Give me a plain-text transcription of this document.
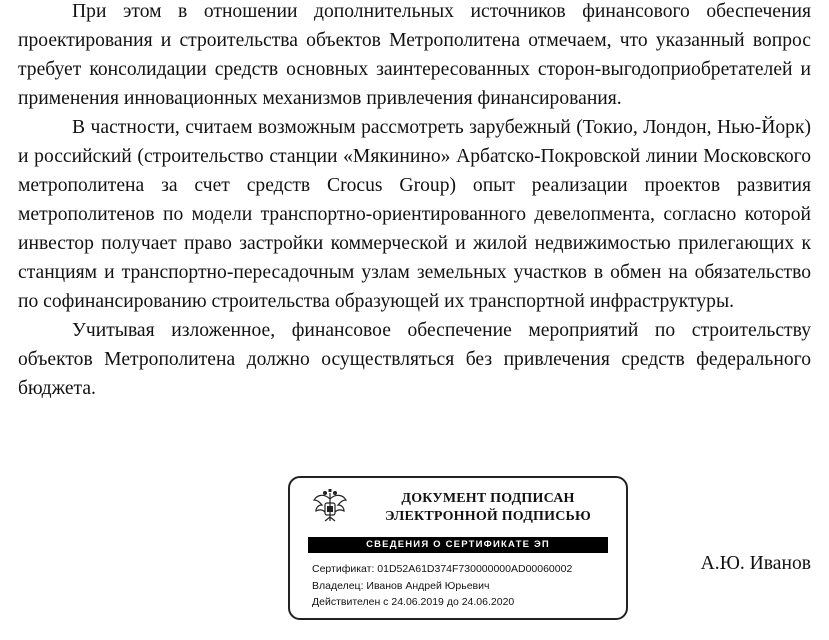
При этом в отношении дополнительных источников финансового обеспечения проектирования и строительства объектов Метрополитена отмечаем, что указанный вопрос требует консолидации средств основных заинтересованных сторон-выгодоприобретателей и применения инновационных механизмов привлечения финансирования.

В частности, считаем возможным рассмотреть зарубежный (Токио, Лондон, Нью-Йорк) и российский (строительство станции «Мякинино» Арбатско-Покровской линии Московского метрополитена за счет средств Crocus Group) опыт реализации проектов развития метрополитенов по модели транспортно-ориентированного девелопмента, согласно которой инвестор получает право застройки коммерческой и жилой недвижимостью прилегающих к станциям и транспортно-пересадочным узлам земельных участков в обмен на обязательство по софинансированию строительства образующей их транспортной инфраструктуры.

Учитывая изложенное, финансовое обеспечение мероприятий по строительству объектов Метрополитена должно осуществляться без привлечения средств федерального бюджета.

ДОКУМЕНТ ПОДПИСАН
ЭЛЕКТРОННОЙ ПОДПИСЬЮ
СВЕДЕНИЯ О СЕРТИФИКАТЕ ЭП
Сертификат: 01D52A61D374F730000000AD00060002
Владелец: Иванов Андрей Юрьевич
Действителен с 24.06.2019 до 24.06.2020
А.Ю. Иванов
